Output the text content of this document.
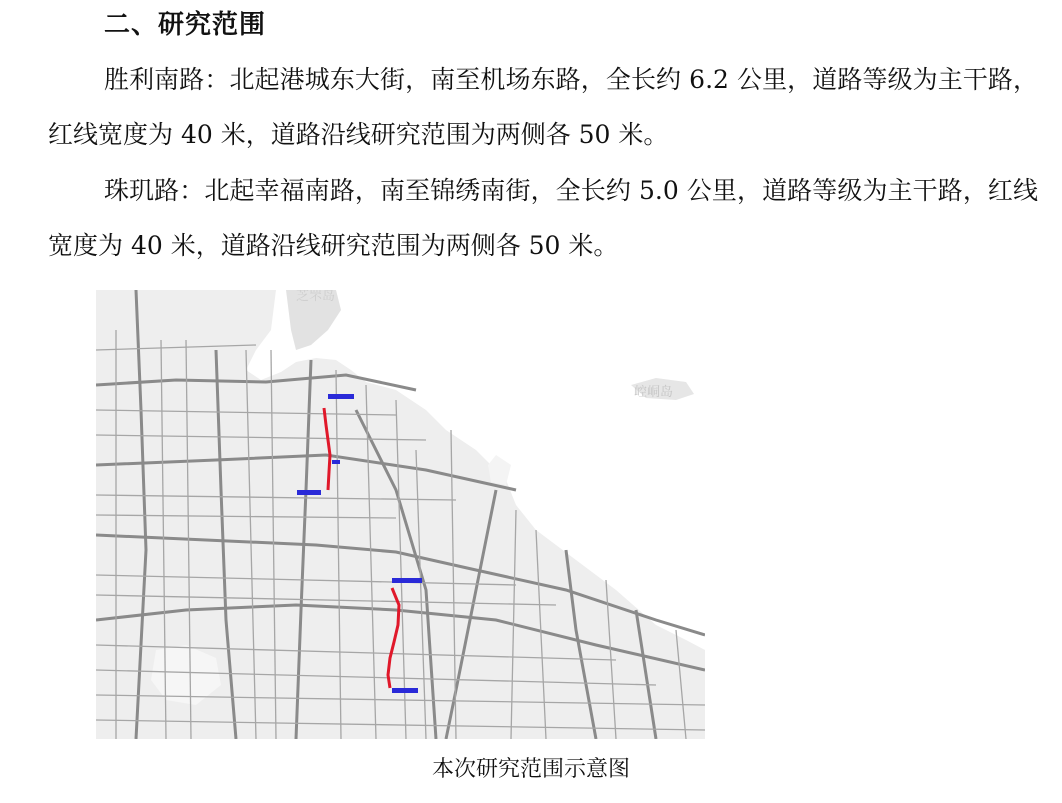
二、研究范围

胜利南路：北起港城东大街，南至机场东路，全长约 6.2 公里，道路等级为主干路，红线宽度为 40 米，道路沿线研究范围为两侧各 50 米。

珠玑路：北起幸福南路，南至锦绣南街，全长约 5.0 公里，道路等级为主干路，红线宽度为 40 米，道路沿线研究范围为两侧各 50 米。

崆峒岛
芝罘岛
本次研究范围示意图
